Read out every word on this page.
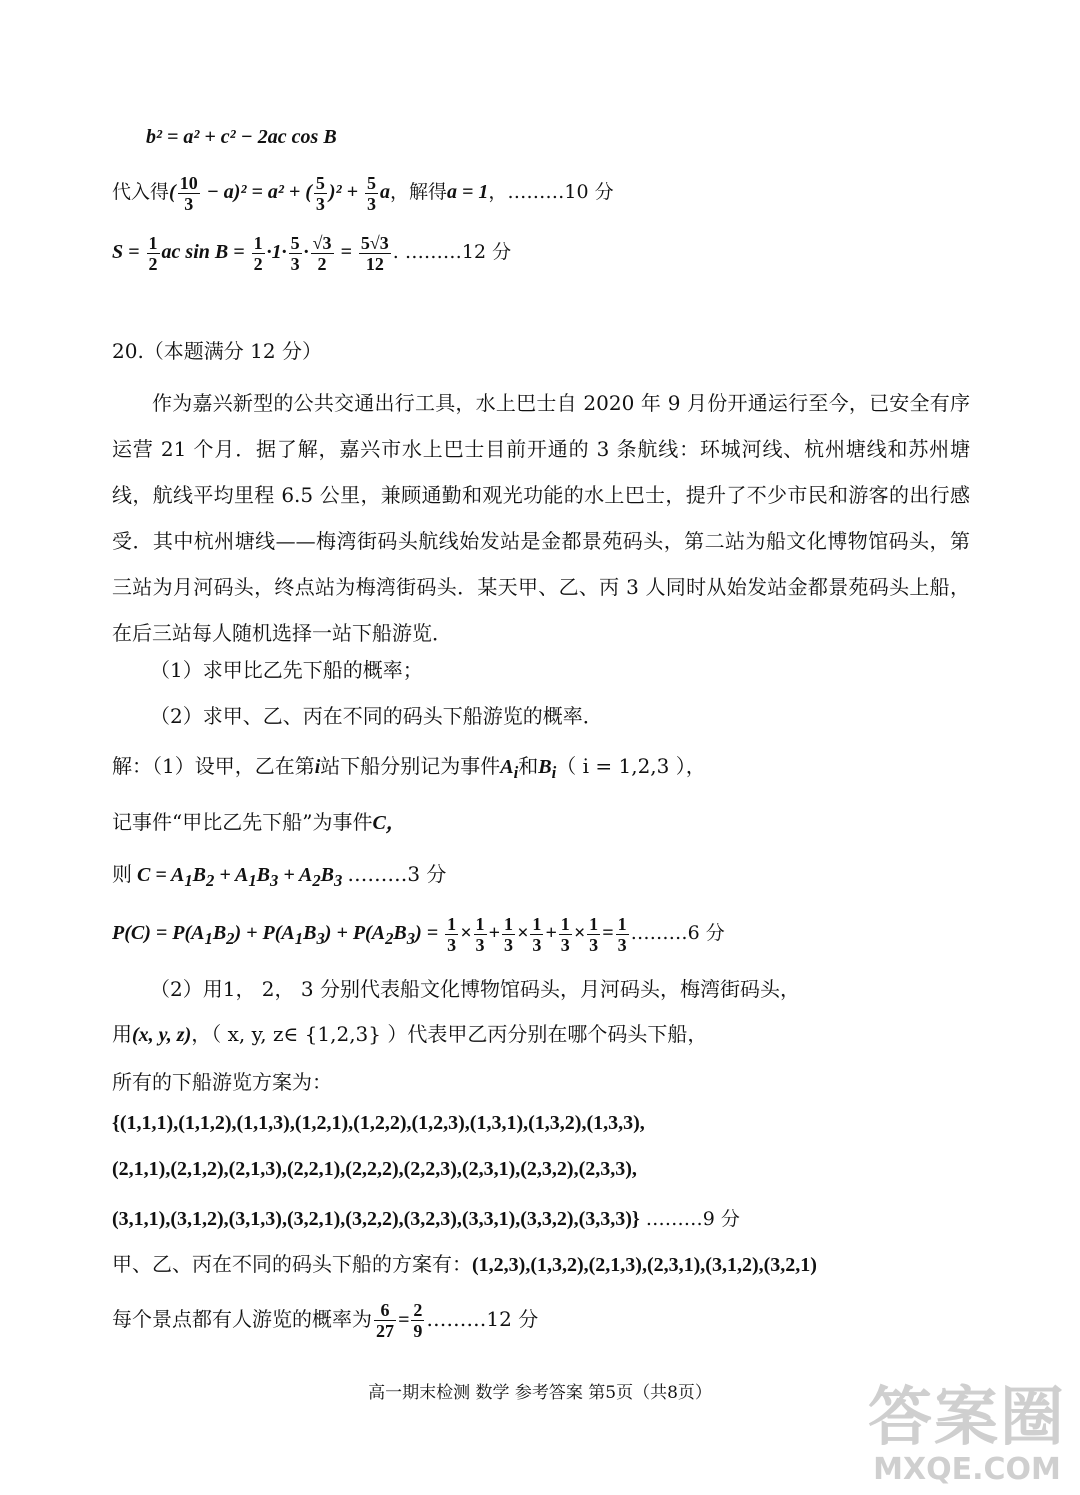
b² = a² + c² − 2ac cos B
代入得( $\frac{10}{3} - a)^2 = a^2$ + ( $\frac{5}{3} )^2 + \frac{5}{3}$ a，解得a = 1，………10 分
$S = \frac{1}{2}$ ac $\sin B = \frac{1}{2} \cdot 1\cdot \frac{5}{3} \cdot \frac{√3}{2} = \frac{5√3}{12}$ . ………12 分
20.（本题满分 12 分）
作为嘉兴新型的公共交通出行工具，水上巴士自 2020 年 9 月份开通运行至今，已安全有序运营 21 个月．据了解，嘉兴市水上巴士目前开通的 3 条航线：环城河线、杭州塘线和苏州塘线，航线平均里程 6.5 公里，兼顾通勤和观光功能的水上巴士，提升了不少市民和游客的出行感受．其中杭州塘线——梅湾街码头航线始发站是金都景苑码头，第二站为船文化博物馆码头，第三站为月河码头，终点站为梅湾街码头．某天甲、乙、丙 3 人同时从始发站金都景苑码头上船，在后三站每人随机选择一站下船游览．
（1）求甲比乙先下船的概率；
（2）求甲、乙、丙在不同的码头下船游览的概率．
解：（1）设甲，乙在第i站下船分别记为事件$A_i$和$B_i$（ i = 1,2,3 ），
记事件“甲比乙先下船”为事件C，
则 $C = A_1B_2 + A_1B_3 + A_2B_3$ ………3 分
$P(C) = P(A_1B_2) + P(A_1B_3) + P(A_2B_3) = \frac{1}{3} \times \frac{1}{3} + \frac{1}{3} \times \frac{1}{3} + \frac{1}{3} \times \frac{1}{3} = \frac{1}{3}$ ………6 分
（2）用1， 2， 3 分别代表船文化博物馆码头，月河码头，梅湾街码头，
用(x, y, z)，（ x, y, z∈ {1,2,3} ）代表甲乙丙分别在哪个码头下船，
所有的下船游览方案为：
{(1,1,1),(1,1,2),(1,1,3),(1,2,1),(1,2,2),(1,2,3),(1,3,1),(1,3,2),(1,3,3),
(2,1,1),(2,1,2),(2,1,3),(2,2,1),(2,2,2),(2,2,3),(2,3,1),(2,3,2),(2,3,3),
(3,1,1),(3,1,2),(3,1,3),(3,2,1),(3,2,2),(3,2,3),(3,3,1),(3,3,2),(3,3,3)} ………9 分
甲、乙、丙在不同的码头下船的方案有：(1,2,3),(1,3,2),(2,1,3),(2,3,1),(3,1,2),(3,2,1)
每个景点都有人游览的概率为 $\frac{6}{27} = \frac{2}{9}$ ………12 分
高一期末检测 数学 参考答案 第5页（共8页）	答案圈
MXQE.COM
